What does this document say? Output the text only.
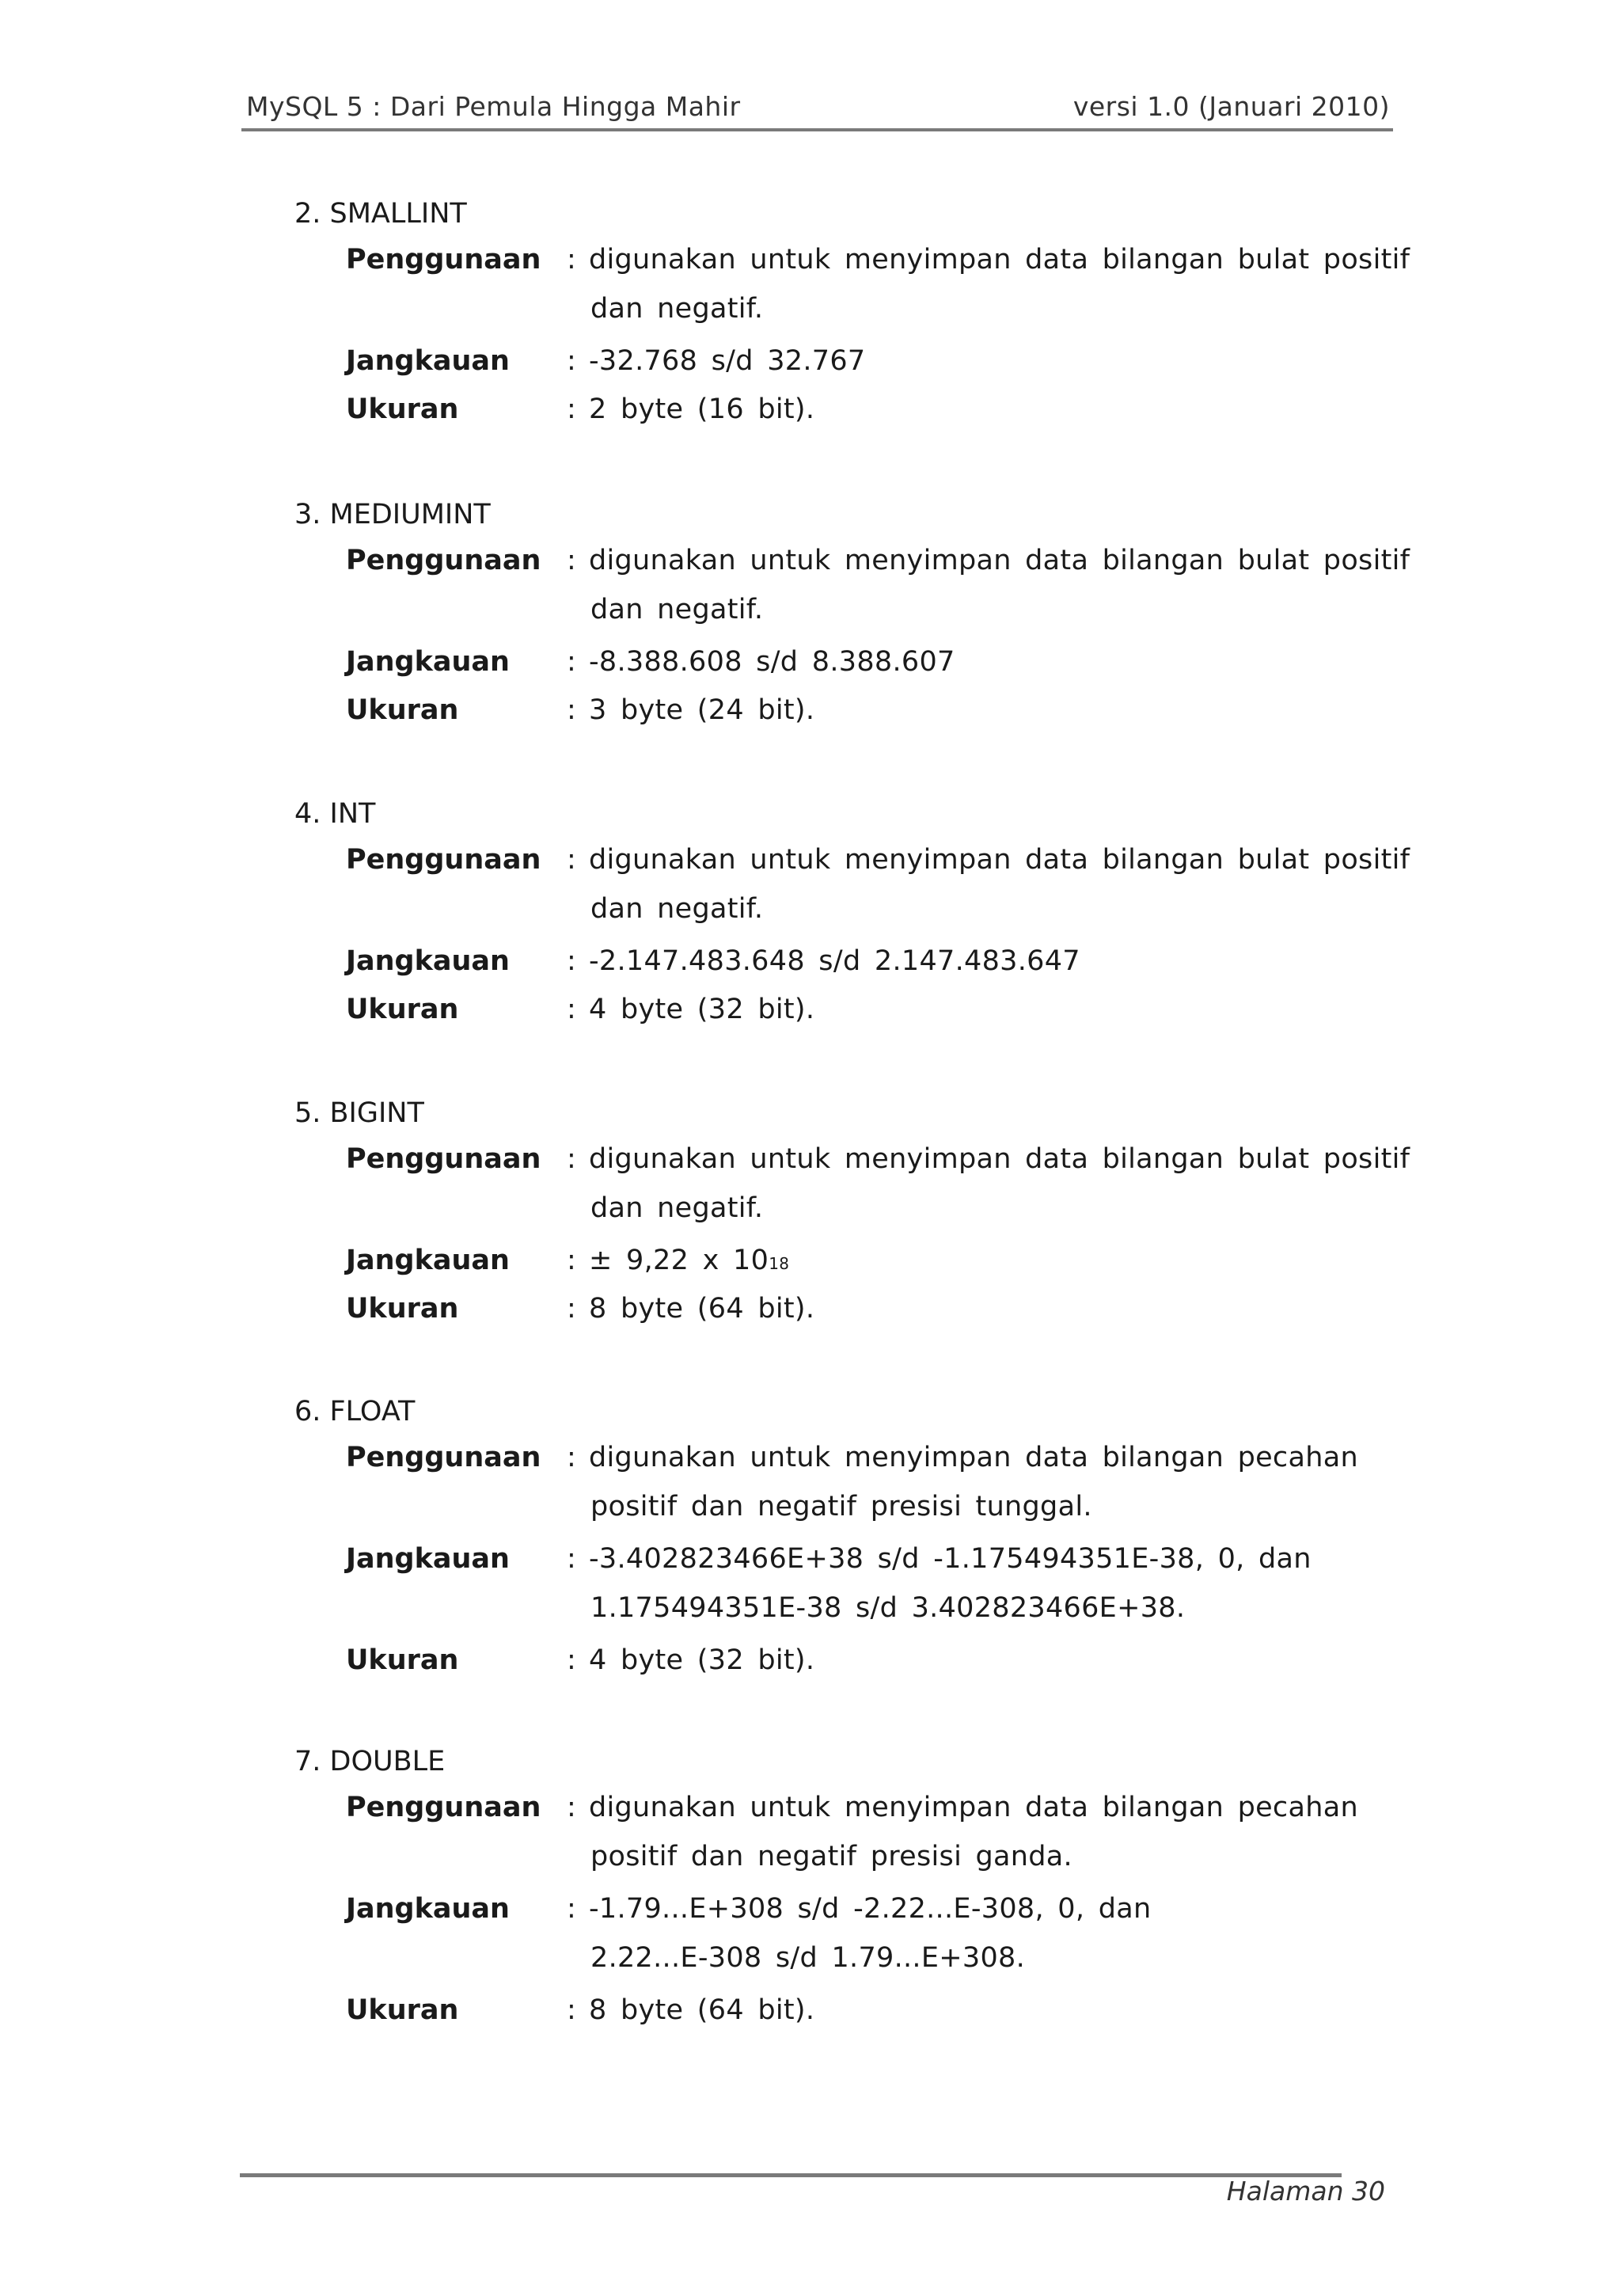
MySQL 5 : Dari Pemula Hingga Mahir	versi 1.0 (Januari 2010)
2. SMALLINT
Penggunaan : digunakan untuk menyimpan data bilangan bulat positif
dan negatif.
Jangkauan : -32.768 s/d 32.767
Ukuran	: 2 byte (16 bit).
3. MEDIUMINT
Penggunaan : digunakan untuk menyimpan data bilangan bulat positif
dan negatif.
Jangkauan : -8.388.608 s/d 8.388.607
Ukuran	: 3 byte (24 bit).
4. INT
Penggunaan : digunakan untuk menyimpan data bilangan bulat positif
dan negatif.
Jangkauan : -2.147.483.648 s/d 2.147.483.647
Ukuran	: 4 byte (32 bit).
5. BIGINT
Penggunaan : digunakan untuk menyimpan data bilangan bulat positif
dan negatif.
Jangkauan : ± 9,22 x 1018
Ukuran	: 8 byte (64 bit).
6. FLOAT
Penggunaan : digunakan untuk menyimpan data bilangan pecahan
positif dan negatif presisi tunggal.
Jangkauan : -3.402823466E+38 s/d -1.175494351E-38, 0, dan
1.175494351E-38 s/d 3.402823466E+38.
Ukuran	: 4 byte (32 bit).
7. DOUBLE
Penggunaan : digunakan untuk menyimpan data bilangan pecahan
positif dan negatif presisi ganda.
Jangkauan : -1.79...E+308 s/d -2.22...E-308, 0, dan
2.22...E-308 s/d 1.79...E+308.
Ukuran	: 8 byte (64 bit).
Halaman 30
